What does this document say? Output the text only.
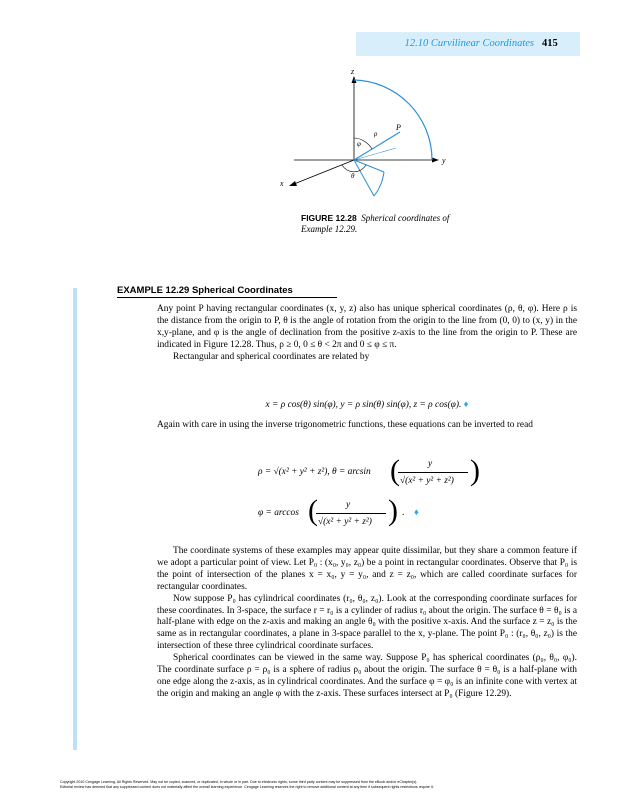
12.10 Curvilinear Coordinates 415
z
y
x
P
ρ
φ
θ
FIGURE 12.28 Spherical coordinates of Example 12.29.
EXAMPLE 12.29 Spherical Coordinates

Any point P having rectangular coordinates (x, y, z) also has unique spherical coordinates (ρ, θ, φ). Here ρ is the distance from the origin to P, θ is the angle of rotation from the origin to the line from (0, 0) to (x, y) in the x,y-plane, and φ is the angle of declination from the positive z-axis to the line from the origin to P. These are indicated in Figure 12.28. Thus, ρ ≥ 0, 0 ≤ θ < 2π and 0 ≤ φ ≤ π.

Rectangular and spherical coordinates are related by

x = ρ cos(θ) sin(φ), y = ρ sin(θ) sin(φ), z = ρ cos(φ). ♦

Again with care in using the inverse trigonometric functions, these equations can be inverted to read

ρ = √(x² + y² + z²), θ = arcsin (	y
√(x² + y² + z²) )
φ = arccos (	y
√(x² + y² + z²) ) . ♦

The coordinate systems of these examples may appear quite dissimilar, but they share a common feature if we adopt a particular point of view. Let P₀ : (x₀, y₀, z₀) be a point in rectangular coordinates. Observe that P₀ is the point of intersection of the planes x = x₀, y = y₀, and z = z₀, which are called coordinate surfaces for rectangular coordinates.

Now suppose P₀ has cylindrical coordinates (r₀, θ₀, z₀). Look at the corresponding coordinate surfaces for these coordinates. In 3-space, the surface r = r₀ is a cylinder of radius r₀ about the origin. The surface θ = θ₀ is a half-plane with edge on the z-axis and making an angle θ₀ with the positive x-axis. And the surface z = z₀ is the same as in rectangular coordinates, a plane in 3-space parallel to the x, y-plane. The point P₀ : (r₀, θ₀, z₀) is the intersection of these three cylindrical coordinate surfaces.

Spherical coordinates can be viewed in the same way. Suppose P₀ has spherical coordinates (ρ₀, θ₀, φ₀). The coordinate surface ρ = ρ₀ is a sphere of radius ρ₀ about the origin. The surface θ = θ₀ is a half-plane with one edge along the z-axis, as in cylindrical coordinates. And the surface φ = φ₀ is an infinite cone with vertex at the origin and making an angle φ with the z-axis. These surfaces intersect at P₀ (Figure 12.29).

Copyright 2010 Cengage Learning. All Rights Reserved. May not be copied, scanned, or duplicated, in whole or in part. Due to electronic rights, some third party content may be suppressed from the eBook and/or eChapter(s).
Editorial review has deemed that any suppressed content does not materially affect the overall learning experience. Cengage Learning reserves the right to remove additional content at any time if subsequent rights restrictions require it.
